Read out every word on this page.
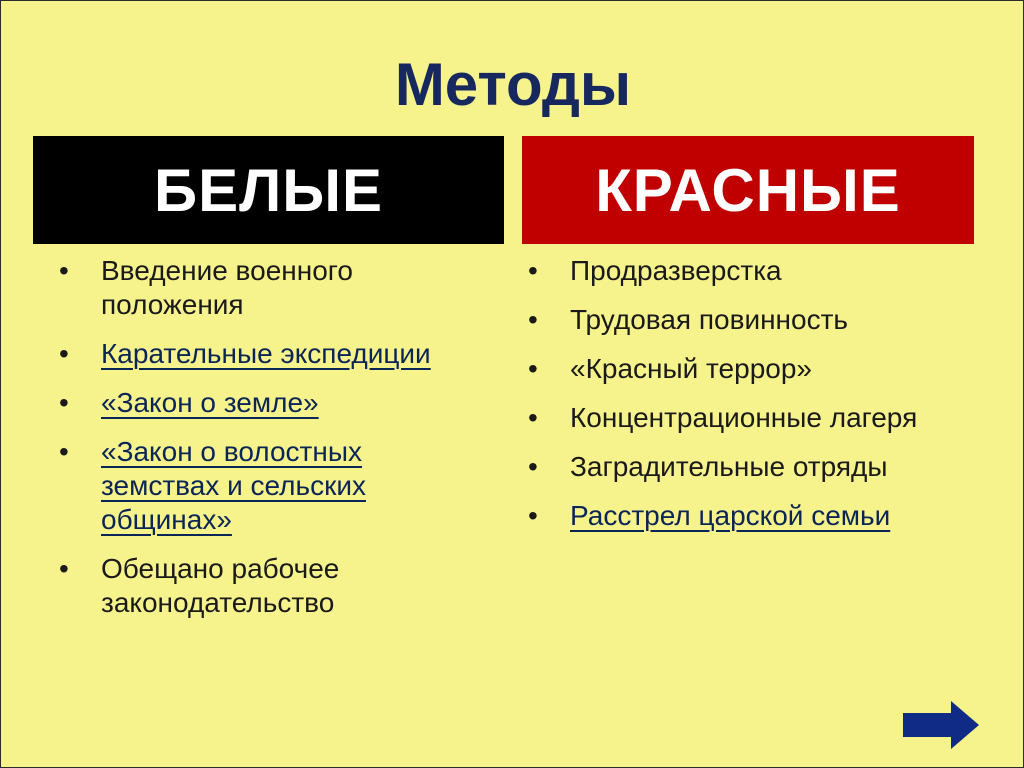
Методы
БЕЛЫЕ	КРАСНЫЕ
• Введение военного положения
• Карательные экспедиции
• «Закон о земле»
• «Закон о волостных земствах и сельских общинах»
• Обещано рабочее законодательство
• Продразверстка
• Трудовая повинность
• «Красный террор»
• Концентрационные лагеря
• Заградительные отряды
• Расстрел царской семьи
